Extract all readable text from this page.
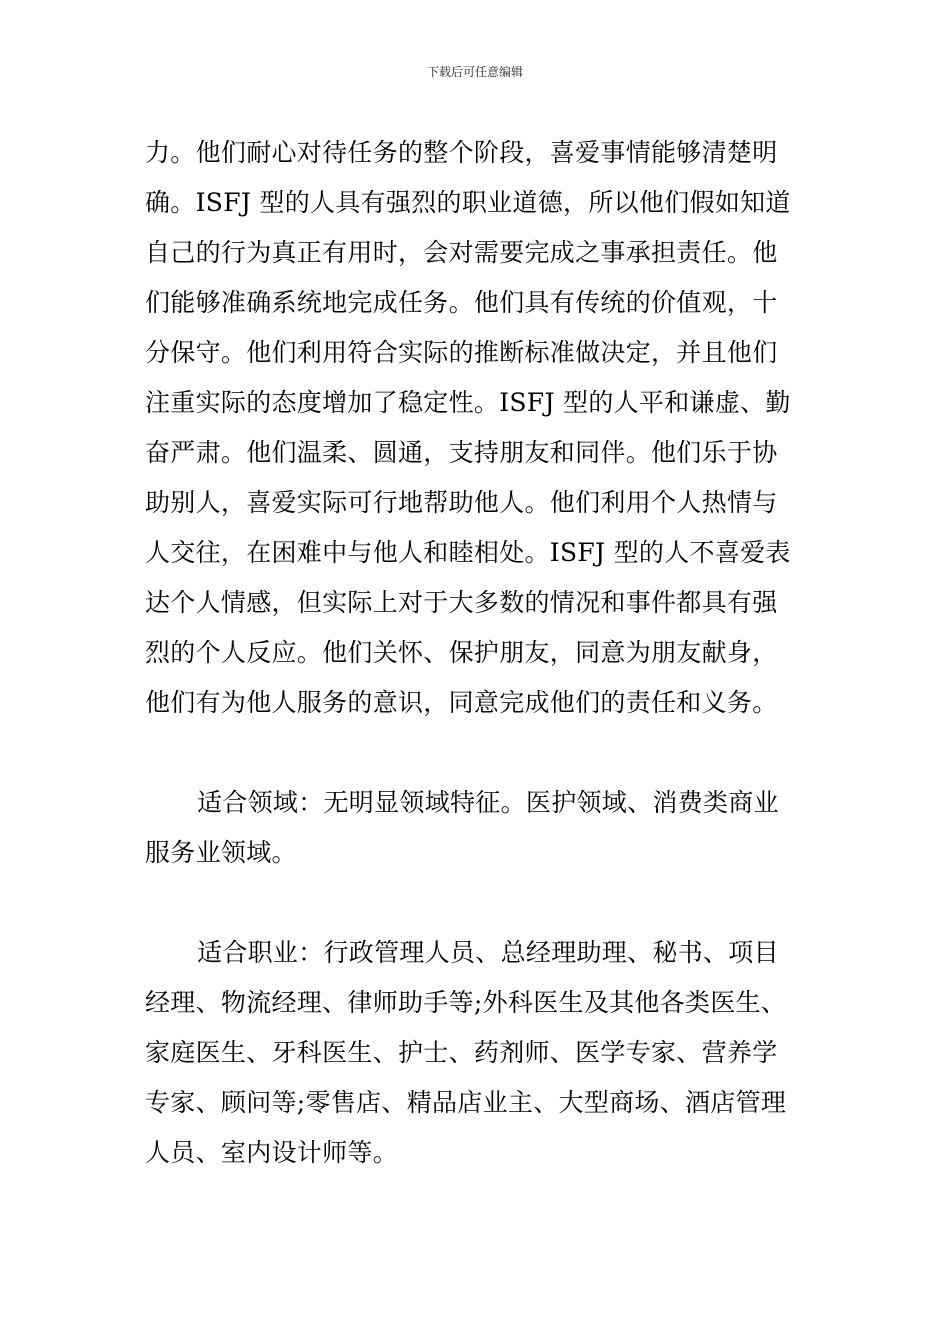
下载后可任意编辑
力。他们耐心对待任务的整个阶段，喜爱事情能够清楚明
确。ISFJ 型的人具有强烈的职业道德，所以他们假如知道
自己的行为真正有用时，会对需要完成之事承担责任。他
们能够准确系统地完成任务。他们具有传统的价值观，十
分保守。他们利用符合实际的推断标准做决定，并且他们
注重实际的态度增加了稳定性。ISFJ 型的人平和谦虚、勤
奋严肃。他们温柔、圆通，支持朋友和同伴。他们乐于协
助别人，喜爱实际可行地帮助他人。他们利用个人热情与
人交往，在困难中与他人和睦相处。ISFJ 型的人不喜爱表
达个人情感，但实际上对于大多数的情况和事件都具有强
烈的个人反应。他们关怀、保护朋友，同意为朋友献身，
他们有为他人服务的意识，同意完成他们的责任和义务。
适合领域：无明显领域特征。医护领域、消费类商业
服务业领域。
适合职业：行政管理人员、总经理助理、秘书、项目
经理、物流经理、律师助手等;外科医生及其他各类医生、
家庭医生、牙科医生、护士、药剂师、医学专家、营养学
专家、顾问等;零售店、精品店业主、大型商场、酒店管理
人员、室内设计师等。
